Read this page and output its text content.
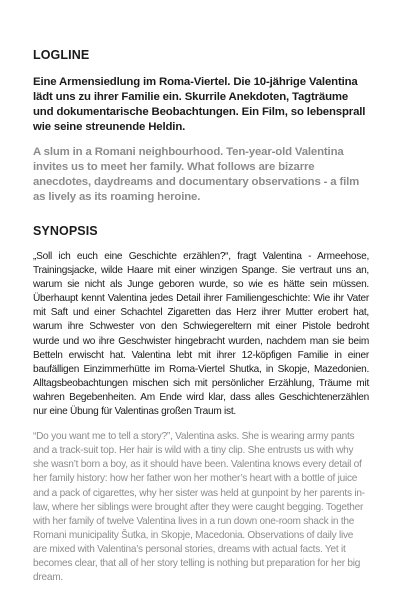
LOGLINE

Eine Armensiedlung im Roma-Viertel. Die 10-jährige Valentina lädt uns zu ihrer Familie ein. Skurrile Anekdoten, Tagträume und dokumentarische Beobachtungen. Ein Film, so lebensprall wie seine streunende Heldin.

A slum in a Romani neighbourhood. Ten-year-old Valentina invites us to meet her family. What follows are bizarre anecdotes, daydreams and documentary observations - a film as lively as its roaming heroine.

SYNOPSIS

„Soll ich euch eine Geschichte erzählen?“, fragt Valentina - Armeehose, Trainingsjacke, wilde Haare mit einer winzigen Spange. Sie vertraut uns an, warum sie nicht als Junge geboren wurde, so wie es hätte sein müssen. Überhaupt kennt Valentina jedes Detail ihrer Familiengeschichte: Wie ihr Vater mit Saft und einer Schachtel Zigaretten das Herz ihrer Mutter erobert hat, warum ihre Schwester von den Schwiegereltern mit einer Pistole bedroht wurde und wo ihre Geschwister hingebracht wurden, nachdem man sie beim Betteln erwischt hat. Valentina lebt mit ihrer 12-köpfigen Familie in einer baufälligen Einzimmerhütte im Roma-Viertel Shutka, in Skopje, Mazedonien. Alltagsbeobachtungen mischen sich mit persönlicher Erzählung, Träume mit wahren Begebenheiten. Am Ende wird klar, dass alles Geschichtenerzählen nur eine Übung für Valentinas großen Traum ist.

“Do you want me to tell a story?”, Valentina asks. She is wearing army pants and a track-suit top. Her hair is wild with a tiny clip. She entrusts us with why she wasn’t born a boy, as it should have been. Valentina knows every detail of her family history: how her father won her mother’s heart with a bottle of juice and a pack of cigarettes, why her sister was held at gunpoint by her parents in-law, where her siblings were brought after they were caught begging. Together with her family of twelve Valentina lives in a run down one-room shack in the Romani municipality Šutka, in Skopje, Macedonia. Observations of daily live are mixed with Valentina’s personal stories, dreams with actual facts. Yet it becomes clear, that all of her story telling is nothing but preparation for her big dream.
